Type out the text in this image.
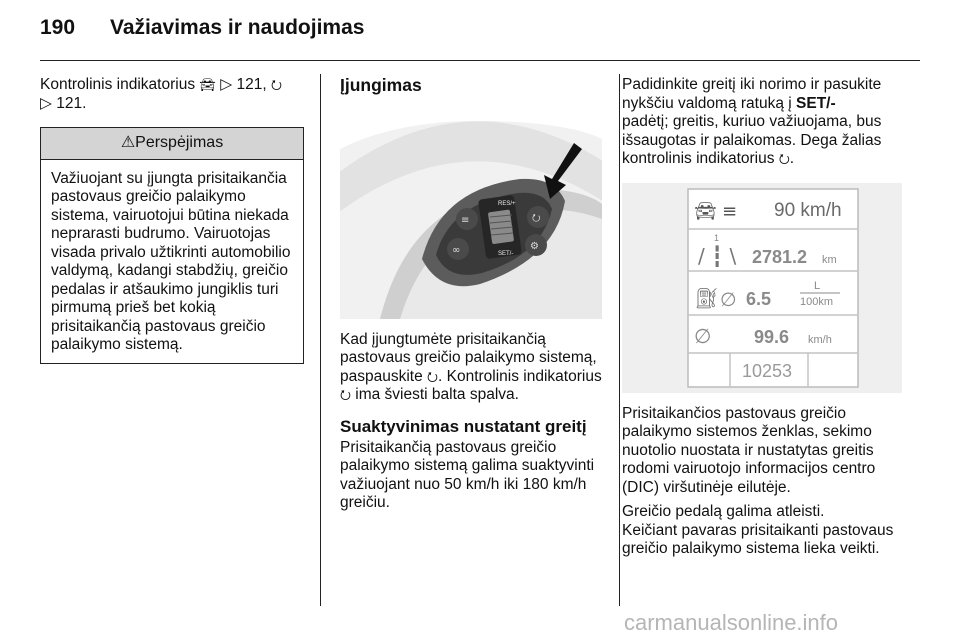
190 Važiavimas ir naudojimas

Kontrolinis indikatorius 🚘︎ ▷ 121, ⭮
▷ 121.

⚠︎Perspėjimas
Važiuojant su įjungta prisitaikančia pastovaus greičio palaikymo sistema, vairuotojui būtina niekada neprarasti budrumo. Vairuotojas visada privalo užtikrinti automobilio valdymą, kadangi stabdžių, greičio pedalas ir atšaukimo jungiklis turi pirmumą prieš bet kokią prisitaikančią pastovaus greičio palaikymo sistemą.
Įjungimas
RES/+
SET/-
≡
∞
⭮
⚙

Kad įjungtumėte prisitaikančią pastovaus greičio palaikymo sistemą, paspauskite ⭮. Kontrolinis indikatorius ⭮ ima šviesti balta spalva.

Suaktyvinimas nustatant greitį

Prisitaikančią pastovaus greičio palaikymo sistemą galima suaktyvinti važiuojant nuo 50 km/h iki 180 km/h greičiu.

Padidinkite greitį iki norimo ir pasukite nykščiu valdomą ratuką į SET/-
padėtį; greitis, kuriuo važiuojama, bus išsaugotas ir palaikomas. Dega žalias kontrolinis indikatorius ⭮.

🚘︎ ≡ 90 km/h
1
/ ┇ \ 2781.2 km
⛽︎ ∅ 6.5
L
100km
∅ 99.6 km/h
10253

Prisitaikančios pastovaus greičio palaikymo sistemos ženklas, sekimo nuotolio nuostata ir nustatytas greitis rodomi vairuotojo informacijos centro (DIC) viršutinėje eilutėje.

Greičio pedalą galima atleisti.

Keičiant pavaras prisitaikanti pastovaus greičio palaikymo sistema lieka veikti.

carmanualsonline.info
